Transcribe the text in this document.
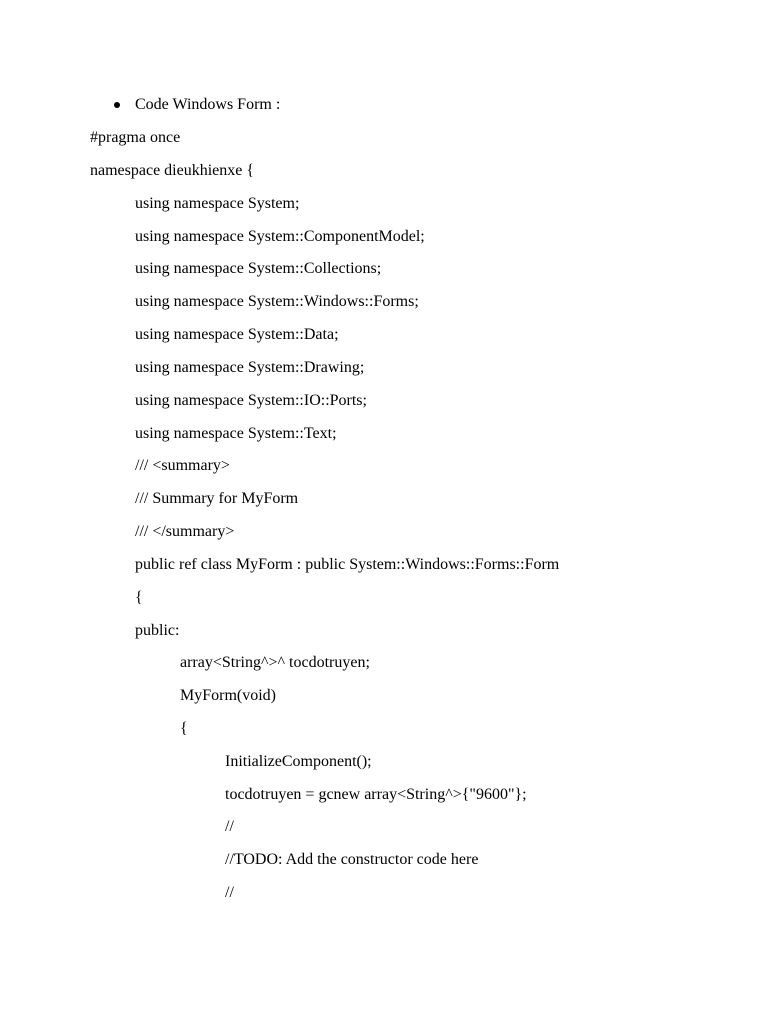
Code Windows Form :
#pragma once
namespace dieukhienxe {
using namespace System;
using namespace System::ComponentModel;
using namespace System::Collections;
using namespace System::Windows::Forms;
using namespace System::Data;
using namespace System::Drawing;
using namespace System::IO::Ports;
using namespace System::Text;
/// <summary>
/// Summary for MyForm
/// </summary>
public ref class MyForm : public System::Windows::Forms::Form
{
public:
array<String^>^ tocdotruyen;
MyForm(void)
{
InitializeComponent();
tocdotruyen = gcnew array<String^>{"9600"};
//
//TODO: Add the constructor code here
//
